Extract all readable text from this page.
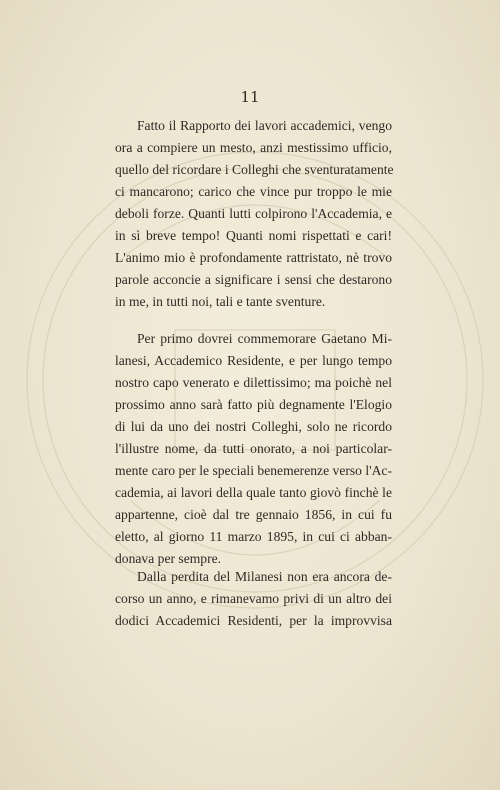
11

Fatto il Rapporto dei lavori accademici, vengo
ora a compiere un mesto, anzi mestissimo ufficio,
quello del ricordare i Colleghi che sventuratamente
ci mancarono; carico che vince pur troppo le mie
deboli forze. Quanti lutti colpirono l'Accademia, e
in sì breve tempo! Quanti nomi rispettati e cari!
L'animo mio è profondamente rattristato, nè trovo
parole acconcie a significare i sensi che destarono
in me, in tutti noi, tali e tante sventure.
Per primo dovrei commemorare Gaetano Mi-
lanesi, Accademico Residente, e per lungo tempo
nostro capo venerato e dilettissimo; ma poichè nel
prossimo anno sarà fatto più degnamente l'Elogio
di lui da uno dei nostri Colleghi, solo ne ricordo
l'illustre nome, da tutti onorato, a noi particolar-
mente caro per le speciali benemerenze verso l'Ac-
cademia, ai lavori della quale tanto giovò finchè le
appartenne, cioè dal tre gennaio 1856, in cui fu
eletto, al giorno 11 marzo 1895, in cui ci abban-
donava per sempre.
Dalla perdita del Milanesi non era ancora de-
corso un anno, e rimanevamo privi di un altro dei
dodici Accademici Residenti, per la improvvisa
